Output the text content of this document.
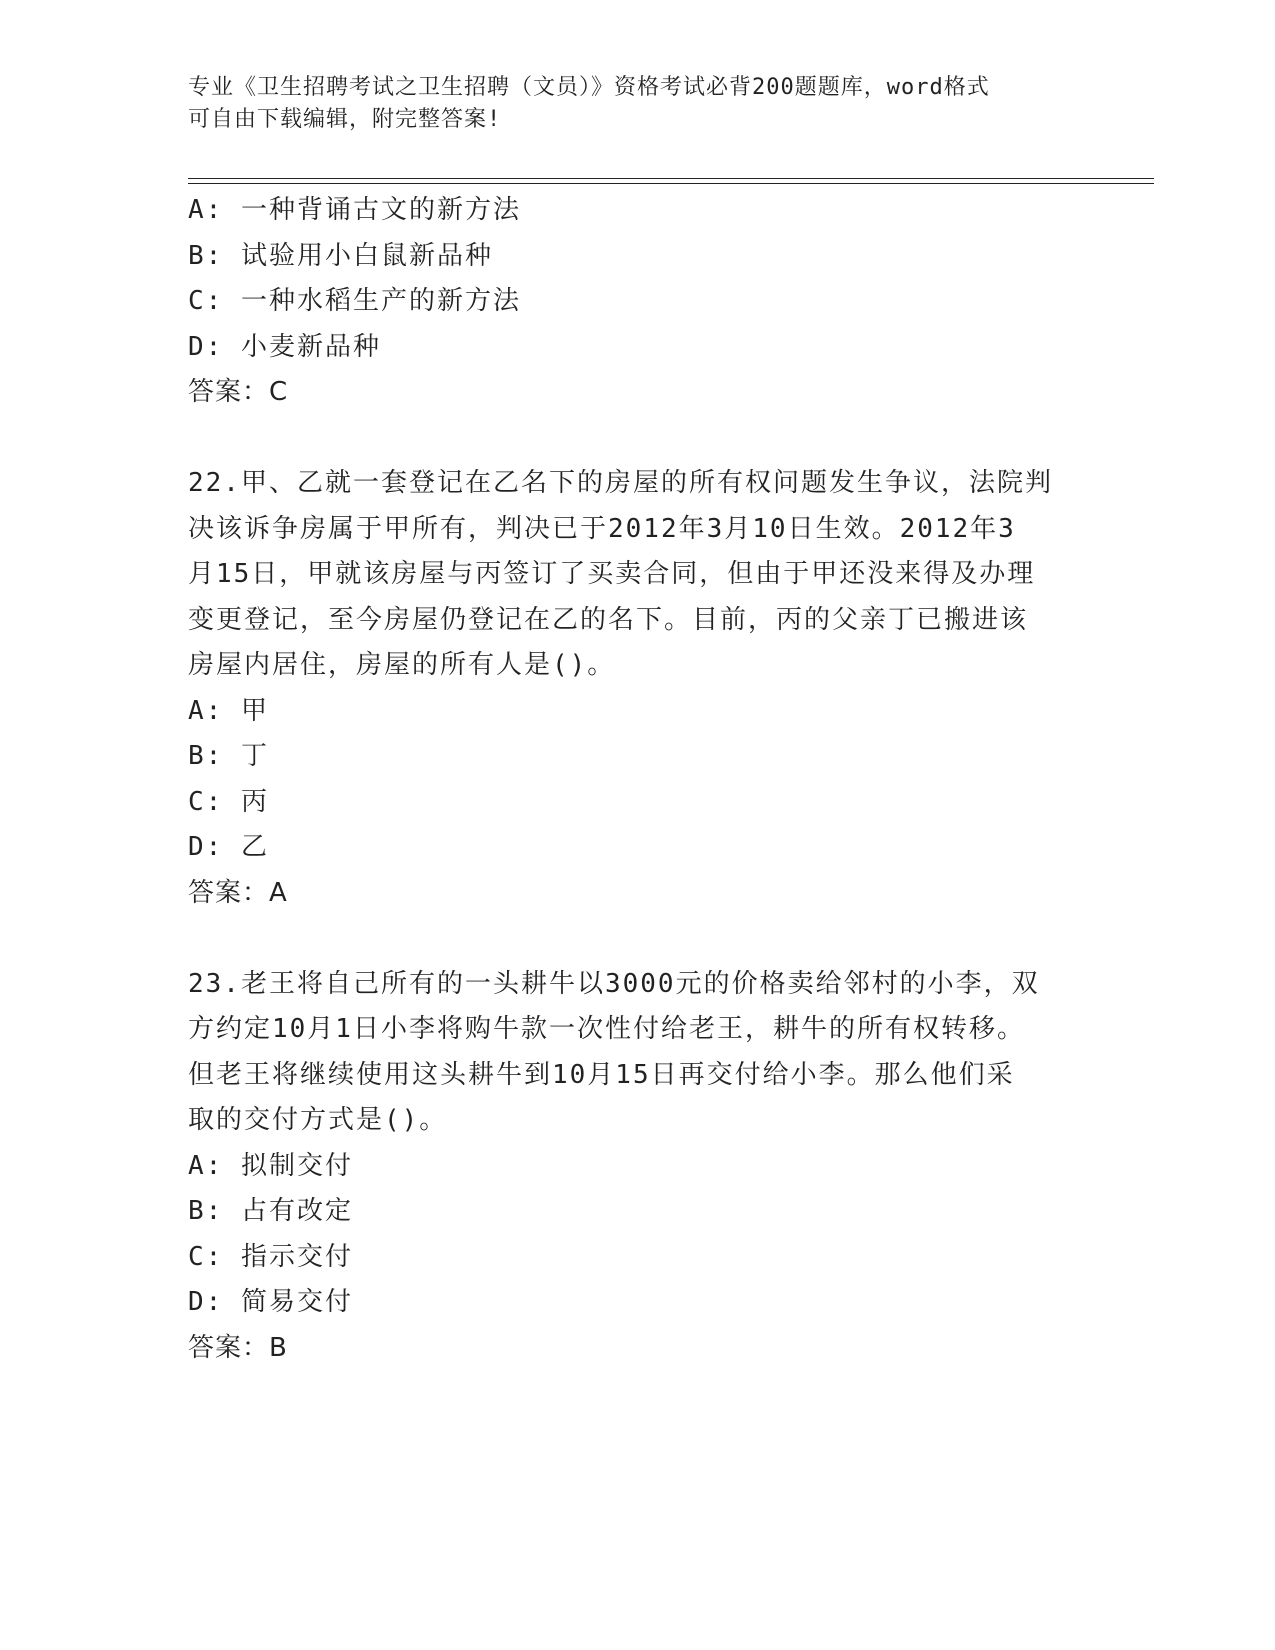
专业《卫生招聘考试之卫生招聘（文员）》资格考试必背200题题库，word格式
可自由下载编辑，附完整答案!
A: 一种背诵古文的新方法
B: 试验用小白鼠新品种
C: 一种水稻生产的新方法
D: 小麦新品种
答案：C
22.甲、乙就一套登记在乙名下的房屋的所有权问题发生争议，法院判
决该诉争房属于甲所有，判决已于2012年3月10日生效。2012年3
月15日，甲就该房屋与丙签订了买卖合同，但由于甲还没来得及办理
变更登记，至今房屋仍登记在乙的名下。目前，丙的父亲丁已搬进该
房屋内居住，房屋的所有人是()。
A: 甲
B: 丁
C: 丙
D: 乙
答案：A
23.老王将自己所有的一头耕牛以3000元的价格卖给邻村的小李，双
方约定10月1日小李将购牛款一次性付给老王，耕牛的所有权转移。
但老王将继续使用这头耕牛到10月15日再交付给小李。那么他们采
取的交付方式是()。
A: 拟制交付
B: 占有改定
C: 指示交付
D: 简易交付
答案：B
